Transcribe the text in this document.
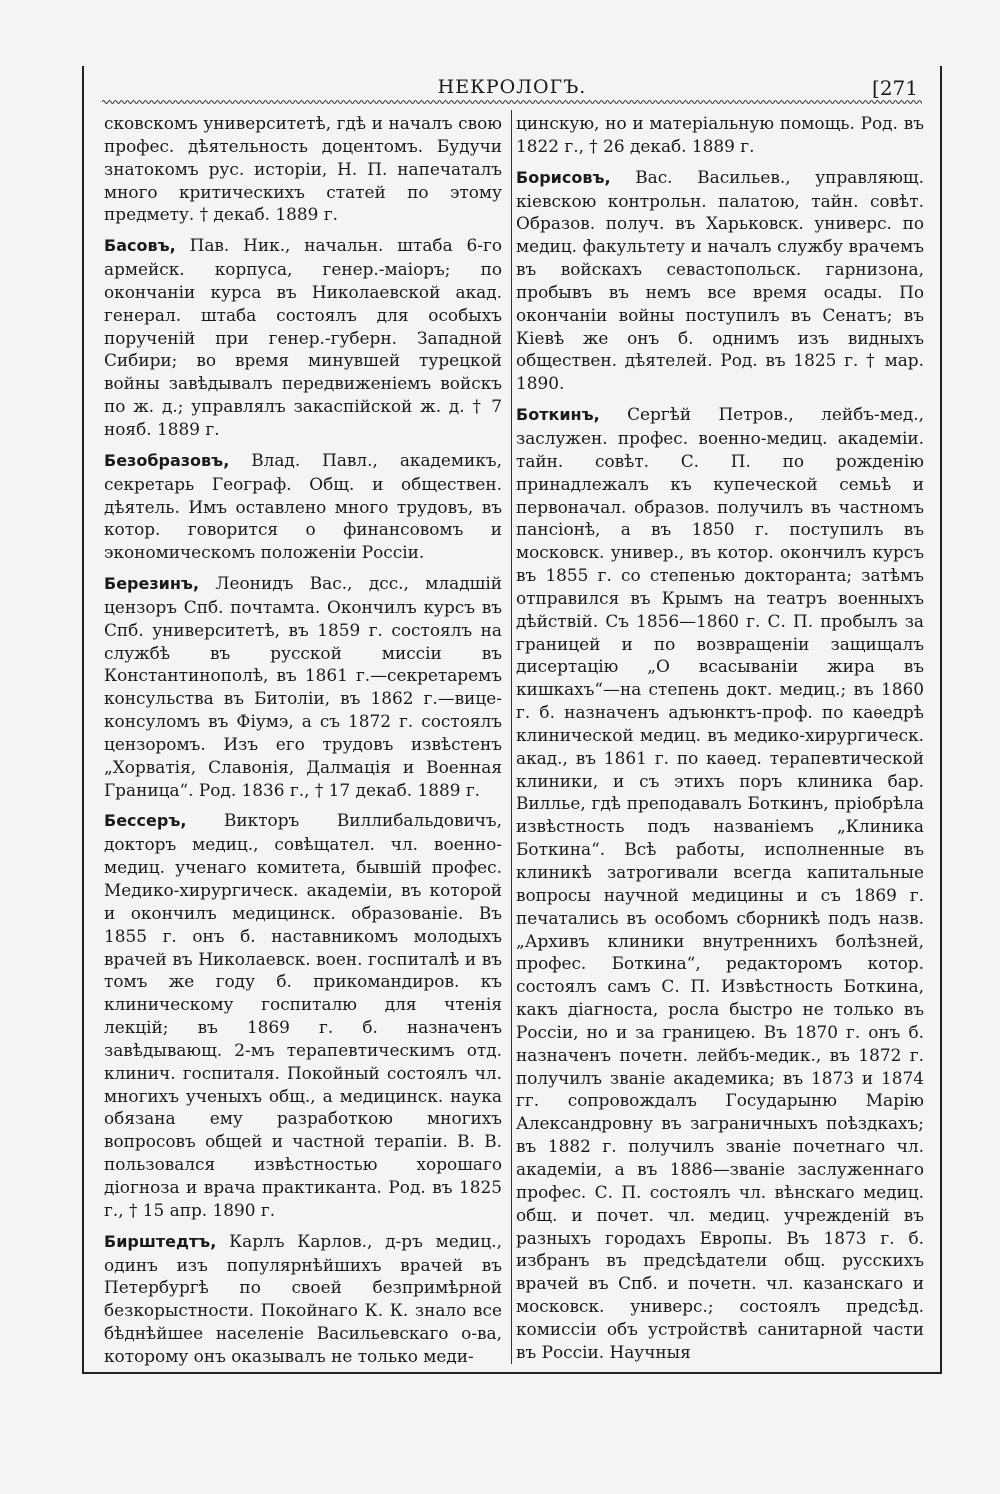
НЕКРОЛОГЪ.	[271

сковскомъ университетѣ, гдѣ и началъ свою профес. дѣятельность доцентомъ. Будучи знатокомъ рус. исторіи, Н. П. напечаталъ много критическихъ статей по этому предмету. † декаб. 1889 г.

Басовъ, Пав. Ник., начальн. штаба 6-го армейск. корпуса, генер.-маіоръ; по окончаніи курса въ Николаевской акад. генерал. штаба состоялъ для особыхъ порученій при генер.-губерн. Западной Сибири; во время минувшей турецкой войны завѣдывалъ передвиженіемъ войскъ по ж. д.; управлялъ закаспійской ж. д. † 7 нояб. 1889 г.

Безобразовъ, Влад. Павл., академикъ, секретарь Географ. Общ. и обществен. дѣятель. Имъ оставлено много трудовъ, въ котор. говорится о финансовомъ и экономическомъ положеніи Россіи.

Березинъ, Леонидъ Вас., дсс., младшій цензоръ Спб. почтамта. Окончилъ курсъ въ Спб. университетѣ, въ 1859 г. состоялъ на службѣ въ русской миссіи въ Константинополѣ, въ 1861 г.—секретаремъ консульства въ Битоліи, въ 1862 г.—вице-консуломъ въ Фіумэ, а съ 1872 г. состоялъ цензоромъ. Изъ его трудовъ извѣстенъ „Хорватія, Славонія, Далмація и Военная Граница“. Род. 1836 г., † 17 декаб. 1889 г.

Бессеръ, Викторъ Виллибальдовичъ, докторъ медиц., совѣщател. чл. военно-медиц. ученаго комитета, бывшій профес. Медико-хирургическ. академіи, въ которой и окончилъ медицинск. образованіе. Въ 1855 г. онъ б. наставникомъ молодыхъ врачей въ Николаевск. воен. госпиталѣ и въ томъ же году б. прикомандиров. къ клиническому госпиталю для чтенія лекцій; въ 1869 г. б. назначенъ завѣдывающ. 2-мъ терапевтическимъ отд. клинич. госпиталя. Покойный состоялъ чл. многихъ ученыхъ общ., а медицинск. наука обязана ему разработкою многихъ вопросовъ общей и частной терапіи. В. В. пользовался извѣстностью хорошаго діогноза и врача практиканта. Род. въ 1825 г., † 15 апр. 1890 г.

Бирштедтъ, Карлъ Карлов., д-ръ медиц., одинъ изъ популярнѣйшихъ врачей въ Петербургѣ по своей безпримѣрной безкорыстности. Покойнаго К. К. знало все бѣднѣйшее населеніе Васильевскаго о-ва, которому онъ оказывалъ не только меди-

цинскую, но и матеріальную помощь. Род. въ 1822 г., † 26 декаб. 1889 г.

Борисовъ, Вас. Васильев., управляющ. кіевскою контрольн. палатою, тайн. совѣт. Образов. получ. въ Харьковск. универс. по медиц. факультету и началъ службу врачемъ въ войскахъ севастопольск. гарнизона, пробывъ въ немъ все время осады. По окончаніи войны поступилъ въ Сенатъ; въ Кіевѣ же онъ б. однимъ изъ видныхъ обществен. дѣятелей. Род. въ 1825 г. † мар. 1890.

Боткинъ, Сергѣй Петров., лейбъ-мед., заслужен. профес. военно-медиц. академіи. тайн. совѣт. С. П. по рожденію принадлежалъ къ купеческой семьѣ и первоначал. образов. получилъ въ частномъ пансіонѣ, а въ 1850 г. поступилъ въ московск. универ., въ котор. окончилъ курсъ въ 1855 г. со степенью докторанта; затѣмъ отправился въ Крымъ на театръ военныхъ дѣйствій. Съ 1856—1860 г. С. П. пробылъ за границей и по возвращеніи защищалъ дисертацію „О всасываніи жира въ кишкахъ“—на степень докт. медиц.; въ 1860 г. б. назначенъ адъюнктъ-проф. по каѳедрѣ клинической медиц. въ медико-хирургическ. акад., въ 1861 г. по каѳед. терапевтической клиники, и съ этихъ поръ клиника бар. Виллье, гдѣ преподавалъ Боткинъ, пріобрѣла извѣстность подъ названіемъ „Клиника Боткина“. Всѣ работы, исполненные въ клиникѣ затрогивали всегда капитальные вопросы научной медицины и съ 1869 г. печатались въ особомъ сборникѣ подъ назв. „Архивъ клиники внутреннихъ болѣзней, профес. Боткина“, редакторомъ котор. состоялъ самъ С. П. Извѣстность Боткина, какъ діагноста, росла быстро не только въ Россіи, но и за границею. Въ 1870 г. онъ б. назначенъ почетн. лейбъ-медик., въ 1872 г. получилъ званіе академика; въ 1873 и 1874 гг. сопровождалъ Государыню Марію Александровну въ заграничныхъ поѣздкахъ; въ 1882 г. получилъ званіе почетнаго чл. академіи, а въ 1886—званіе заслуженнаго профес. С. П. состоялъ чл. вѣнскаго медиц. общ. и почет. чл. медиц. учрежденій въ разныхъ городахъ Европы. Въ 1873 г. б. избранъ въ предсѣдатели общ. русскихъ врачей въ Спб. и почетн. чл. казанскаго и московск. универс.; состоялъ предсѣд. комиссіи объ устройствѣ санитарной части въ Россіи. Научныя
